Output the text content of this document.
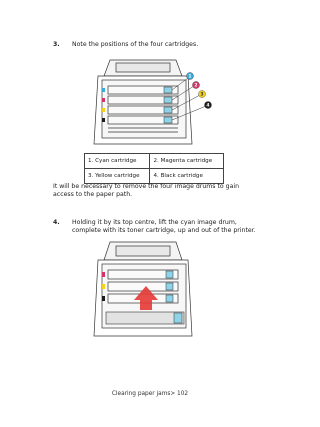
3. Note the positions of the four cartridges.
1
2
3
4
1. Cyan cartridge	2. Magenta cartridge
3. Yellow cartridge	4. Black cartridge
It will be necessary to remove the four image drums to gain access to the paper path.
4. Holding it by its top centre, lift the cyan image drum, complete with its toner cartridge, up and out of the printer.
Clearing paper jams> 102
